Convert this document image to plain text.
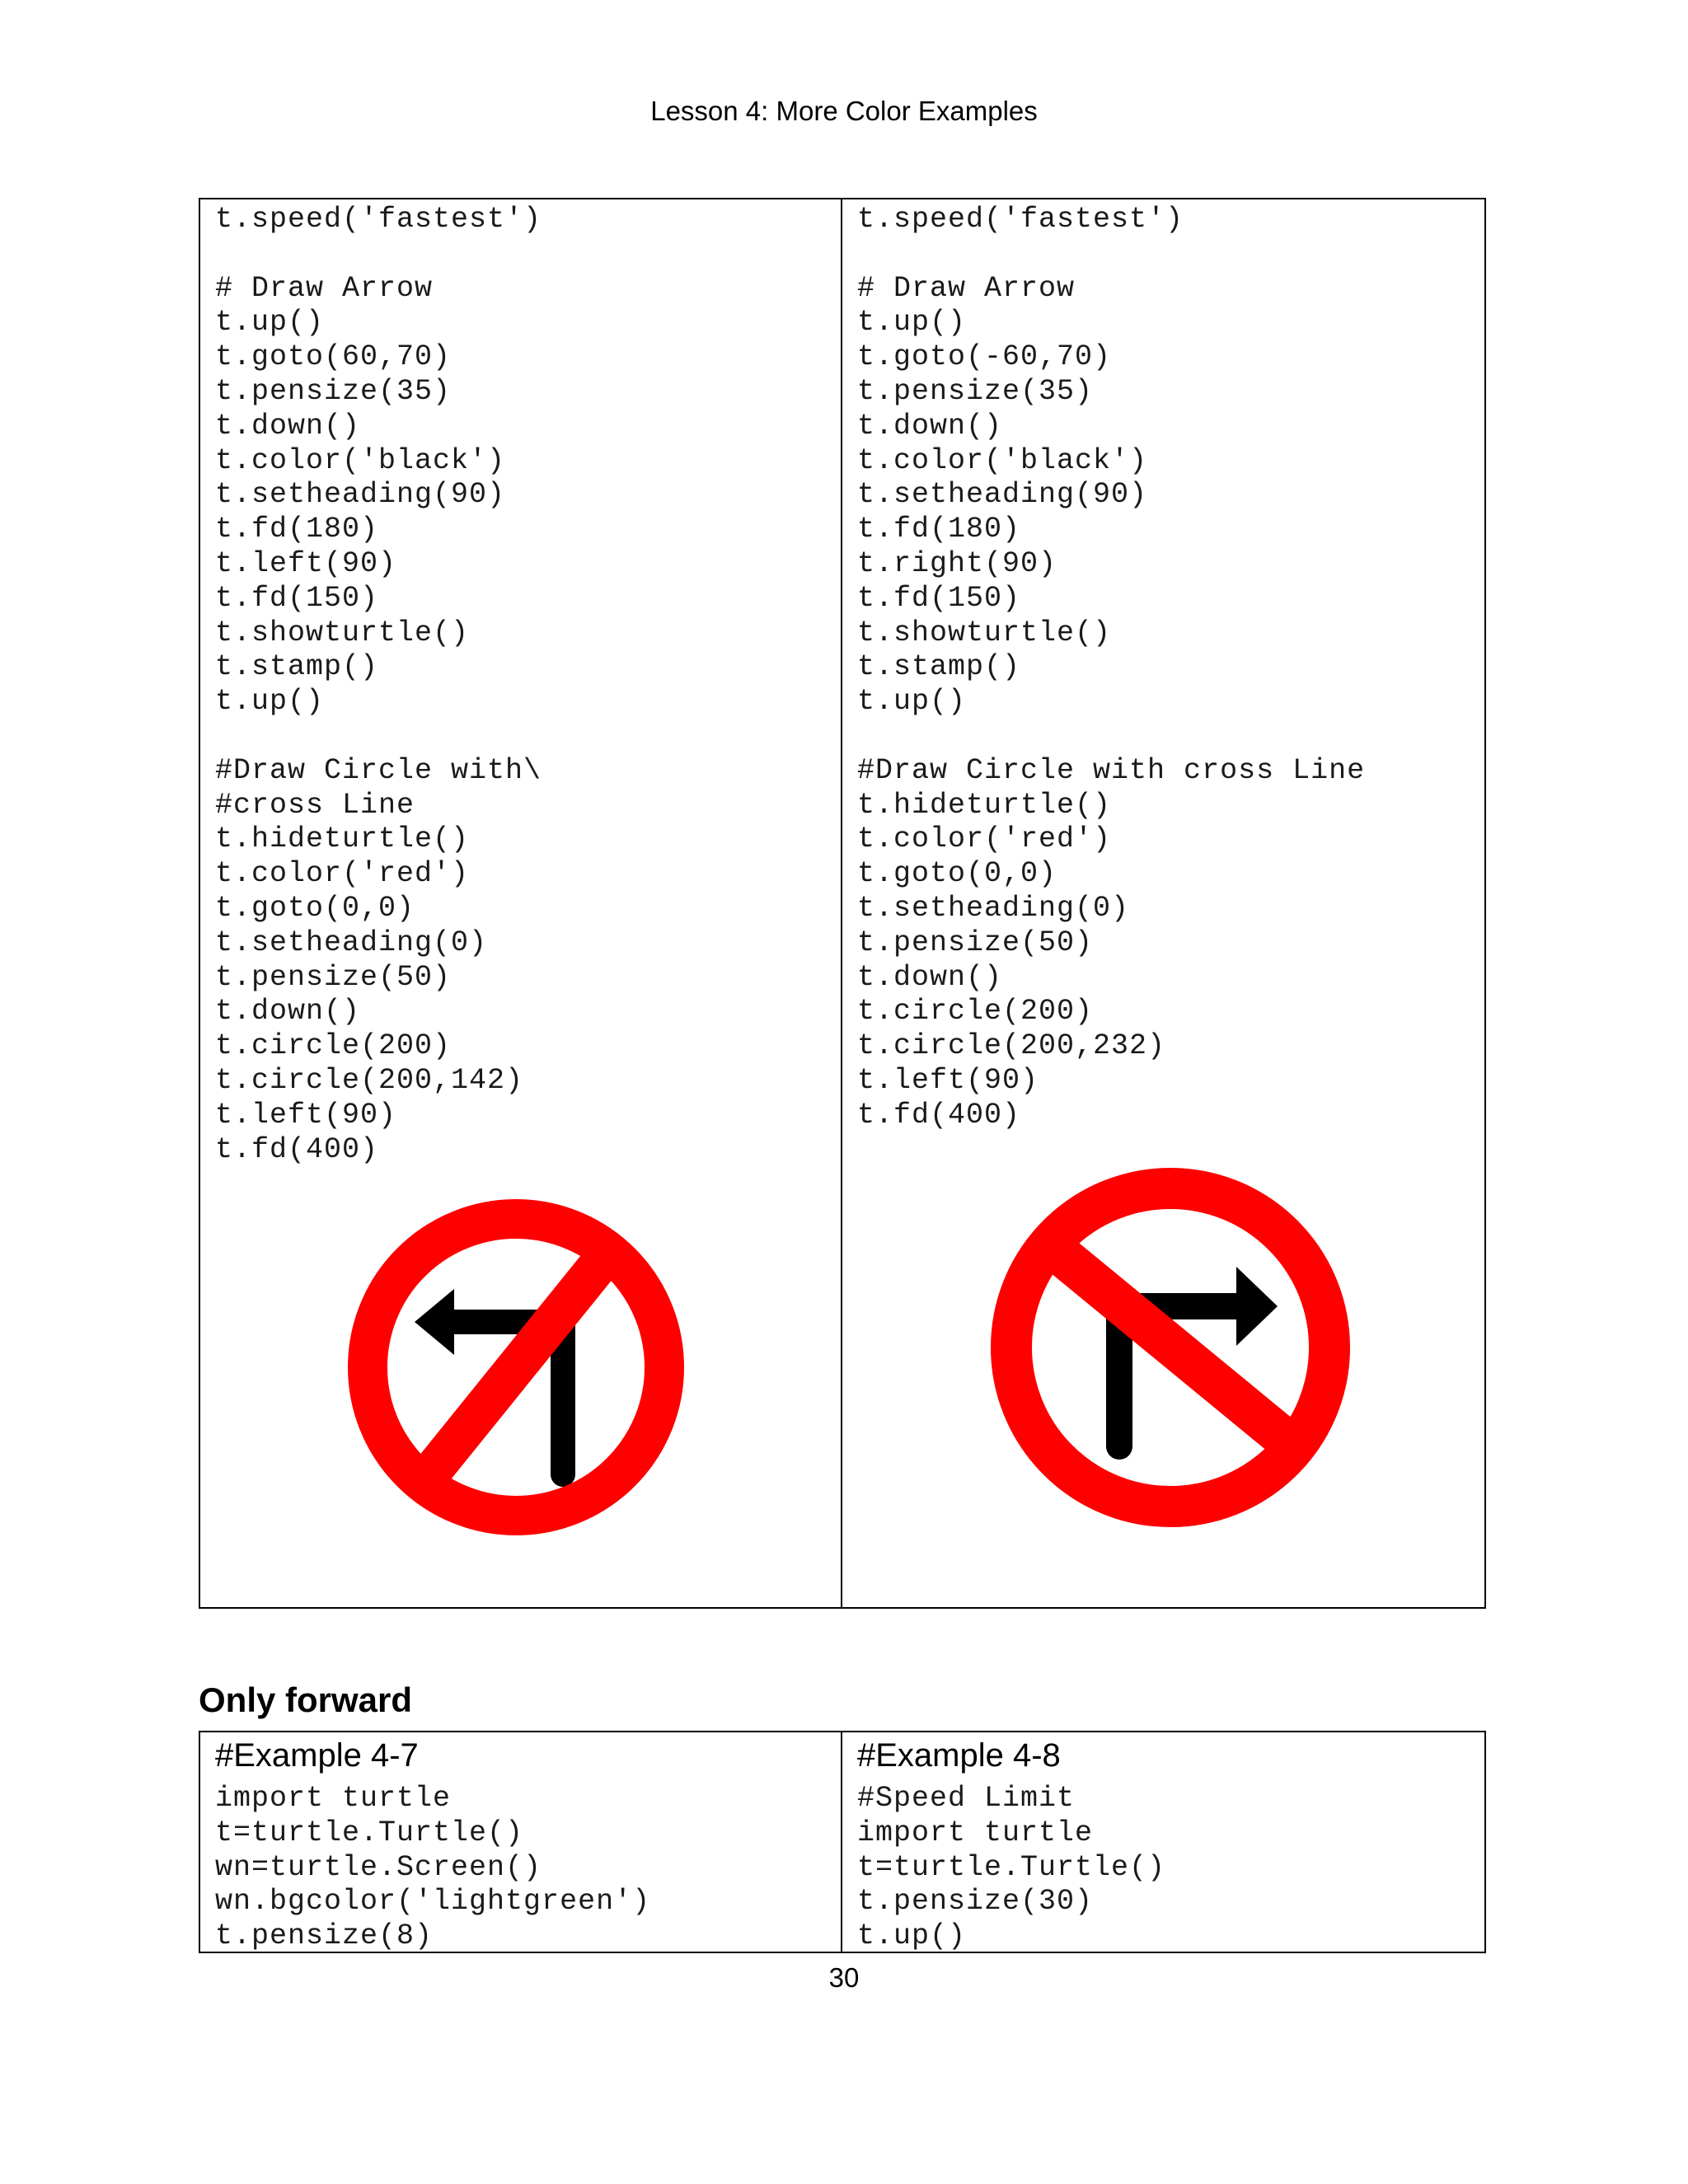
Lesson 4: More Color Examples
t.speed('fastest')

# Draw Arrow
t.up()
t.goto(60,70)
t.pensize(35)
t.down()
t.color('black')
t.setheading(90)
t.fd(180)
t.left(90)
t.fd(150)
t.showturtle()
t.stamp()
t.up()

#Draw Circle with\
#cross Line
t.hideturtle()
t.color('red')
t.goto(0,0)
t.setheading(0)
t.pensize(50)
t.down()
t.circle(200)
t.circle(200,142)
t.left(90)
t.fd(400)
t.speed('fastest')

# Draw Arrow
t.up()
t.goto(-60,70)
t.pensize(35)
t.down()
t.color('black')
t.setheading(90)
t.fd(180)
t.right(90)
t.fd(150)
t.showturtle()
t.stamp()
t.up()

#Draw Circle with cross Line
t.hideturtle()
t.color('red')
t.goto(0,0)
t.setheading(0)
t.pensize(50)
t.down()
t.circle(200)
t.circle(200,232)
t.left(90)
t.fd(400)
Only forward
#Example 4-7
import turtle
t=turtle.Turtle()
wn=turtle.Screen()
wn.bgcolor('lightgreen')
t.pensize(8)
#Example 4-8
#Speed Limit
import turtle
t=turtle.Turtle()
t.pensize(30)
t.up()
30
